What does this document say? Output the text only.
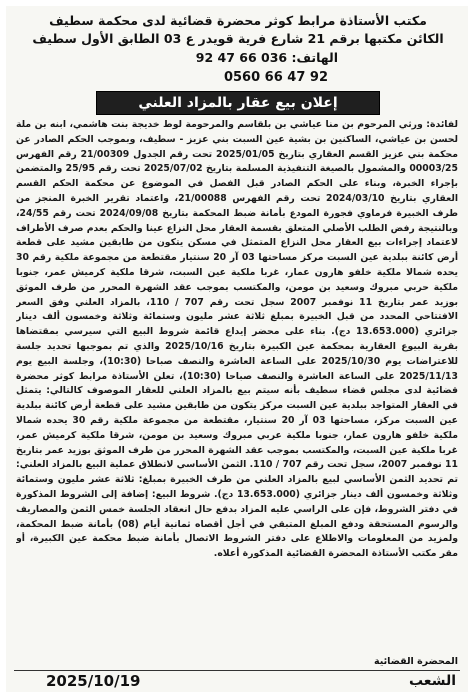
مكتب الأستاذة مرابط كوثر محضرة قضائية لدى محكمة سطيف
الكائن مكتبها برقم 21 شارع فرية قويدر ع 03 الطابق الأول سطيف
الهاتف: 92 47 66 036
0560 66 47 92
إعلان بيع عقار بالمزاد العلني

لفائدة: ورثي المرحوم بن منا عياشي بن بلقاسم والمرحومة لوط خديجة بنت هاشمي، ابنه بن ملة لحسن بن عياشي، الساكنين بن بشية عين السبت بني عزيز - سطيف، وبموجب الحكم الصادر عن محكمة بني عزيز القسم العقاري بتاريخ 2025/01/05 تحت رقم الجدول 21/00309 رقم الفهرس 00003/25 والمشمول بالصيغة التنفيذية المسلمة بتاريخ 2025/07/02 تحت رقم 25/95 والمتضمن بإجراء الخبرة، وبناء على الحكم الصادر قبل الفصل في الموضوع عن محكمة الحكم القسم العقاري بتاريخ 2024/03/10 تحت رقم الفهرس 21/00088، واعتماد تقرير الخبرة المنجز من طرف الخبيرة فرماوي فجورة المودع بأمانة ضبط المحكمة بتاريخ 2024/09/08 تحت رقم 24/55، وبالنتيجة رفض الطلب الأصلي المتعلق بقسمة العقار محل النزاع عينا والحكم بعدم صرف الأطراف لاعتماد إجراءات بيع العقار محل النزاع المتمثل في مسكن يتكون من طابقين مشيد على قطعة أرض كائنة ببلدية عين السبت مركز مساحتها 03 آر 20 سنتيار مقتطعة من مجموعة ملكية رقم 30 يحده شمالا ملكية خلفو هارون عمار، غربا ملكية عين السبت، شرقا ملكية كرميش عمر، جنوبا ملكية حربي مبروك وسعيد بن مومن، والمكتسب بموجب عقد الشهرة المحرر من طرف الموثق بوزيد عمر بتاريخ 11 نوفمبر 2007 سجل تحت رقم 707 / 110، بالمزاد العلني وفق السعر الافتتاحي المحدد من قبل الخبيرة بمبلغ ثلاثة عشر مليون وستمائة وثلاثة وخمسون ألف دينار جزائري (13.653.000 دج). بناء على محضر إيداع قائمة شروط البيع التي سيرسي بمقتضاها بقرية البيوع العقارية بمحكمة عين الكبيرة بتاريخ 2025/10/16 والذي تم بموجبها تحديد جلسة للاعتراضات يوم 2025/10/30 على الساعة العاشرة والنصف صباحا (10:30)، وجلسة البيع يوم 2025/11/13 على الساعة العاشرة والنصف صباحا (10:30)، تعلن الأستاذة مرابط كوثر محضرة قضائية لدى مجلس قضاء سطيف بأنه سيتم بيع بالمزاد العلني للعقار الموصوف كالتالي: يتمثل في العقار المتواجد ببلدية عين السبت مركز يتكون من طابقين مشيد على قطعة أرض كائنة ببلدية عين السبت مركز، مساحتها 03 آر 20 سنتيار، مقتطعة من مجموعة ملكية رقم 30 يحده شمالا ملكية خلفو هارون عمار، جنوبا ملكية عربي مبروك وسعيد بن مومن، شرقا ملكية كرميش عمر، غربا ملكية عين السبت، والمكتسب بموجب عقد الشهرة المحرر من طرف الموثق بوزيد عمر بتاريخ 11 نوفمبر 2007، سجل تحت رقم 707 / 110. الثمن الأساسي لانطلاق عملية البيع بالمزاد العلني: تم تحديد الثمن الأساسي لبيع بالمزاد العلني من طرف الخبيرة بمبلغ: ثلاثة عشر مليون وستمائة وثلاثة وخمسون ألف دينار جزائري (13.653.000 دج). شروط البيع: إضافة إلى الشروط المذكورة في دفتر الشروط، فإن على الراسي عليه المزاد بدفع حال انعقاد الجلسة خمس الثمن والمصاريف والرسوم المستحقة ودفع المبلغ المتبقي في أجل أقصاه ثمانية أيام (08) بأمانة ضبط المحكمة، ولمزيد من المعلومات والاطلاع على دفتر الشروط الاتصال بأمانة ضبط محكمة عين الكبيرة، أو مقر مكتب الأستاذة المحضرة القضائية المذكورة أعلاه.

المحضرة القضائية
2025/10/19	الشعب
